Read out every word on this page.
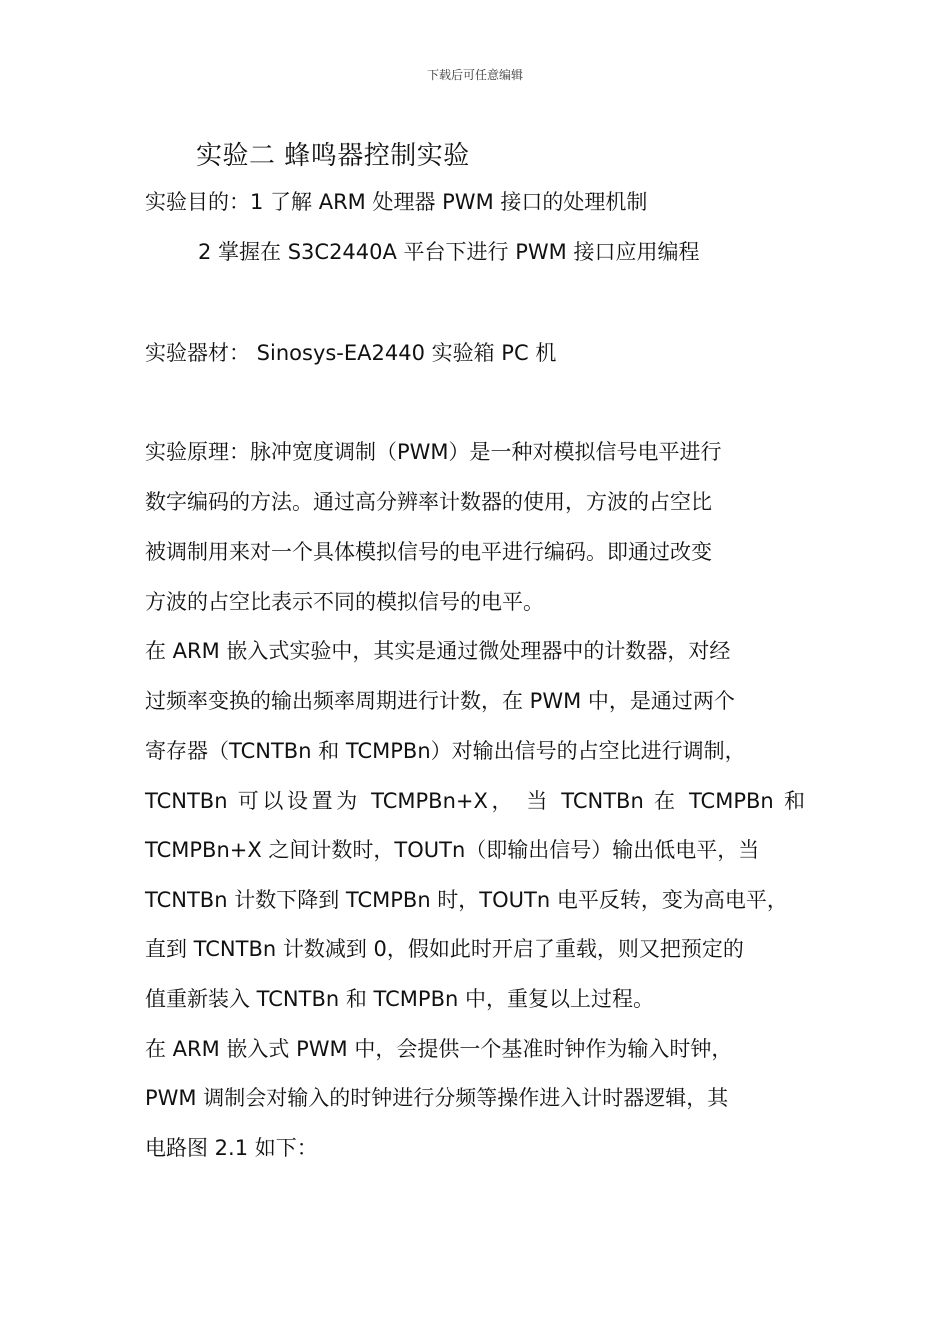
下载后可任意编辑
实验二 蜂鸣器控制实验
实验目的：1 了解 ARM 处理器 PWM 接口的处理机制
2 掌握在 S3C2440A 平台下进行 PWM 接口应用编程
实验器材： Sinosys-EA2440 实验箱 PC 机
实验原理：脉冲宽度调制（PWM）是一种对模拟信号电平进行
数字编码的方法。通过高分辨率计数器的使用，方波的占空比
被调制用来对一个具体模拟信号的电平进行编码。即通过改变
方波的占空比表示不同的模拟信号的电平。
在 ARM 嵌入式实验中，其实是通过微处理器中的计数器，对经
过频率变换的输出频率周期进行计数，在 PWM 中，是通过两个
寄存器（TCNTBn 和 TCMPBn）对输出信号的占空比进行调制，
TCNTBn 可以设置为 TCMPBn+X， 当 TCNTBn 在 TCMPBn 和
TCMPBn+X 之间计数时，TOUTn（即输出信号）输出低电平，当
TCNTBn 计数下降到 TCMPBn 时，TOUTn 电平反转，变为高电平，
直到 TCNTBn 计数减到 0，假如此时开启了重载，则又把预定的
值重新装入 TCNTBn 和 TCMPBn 中，重复以上过程。
在 ARM 嵌入式 PWM 中，会提供一个基准时钟作为输入时钟，
PWM 调制会对输入的时钟进行分频等操作进入计时器逻辑，其
电路图 2.1 如下：
